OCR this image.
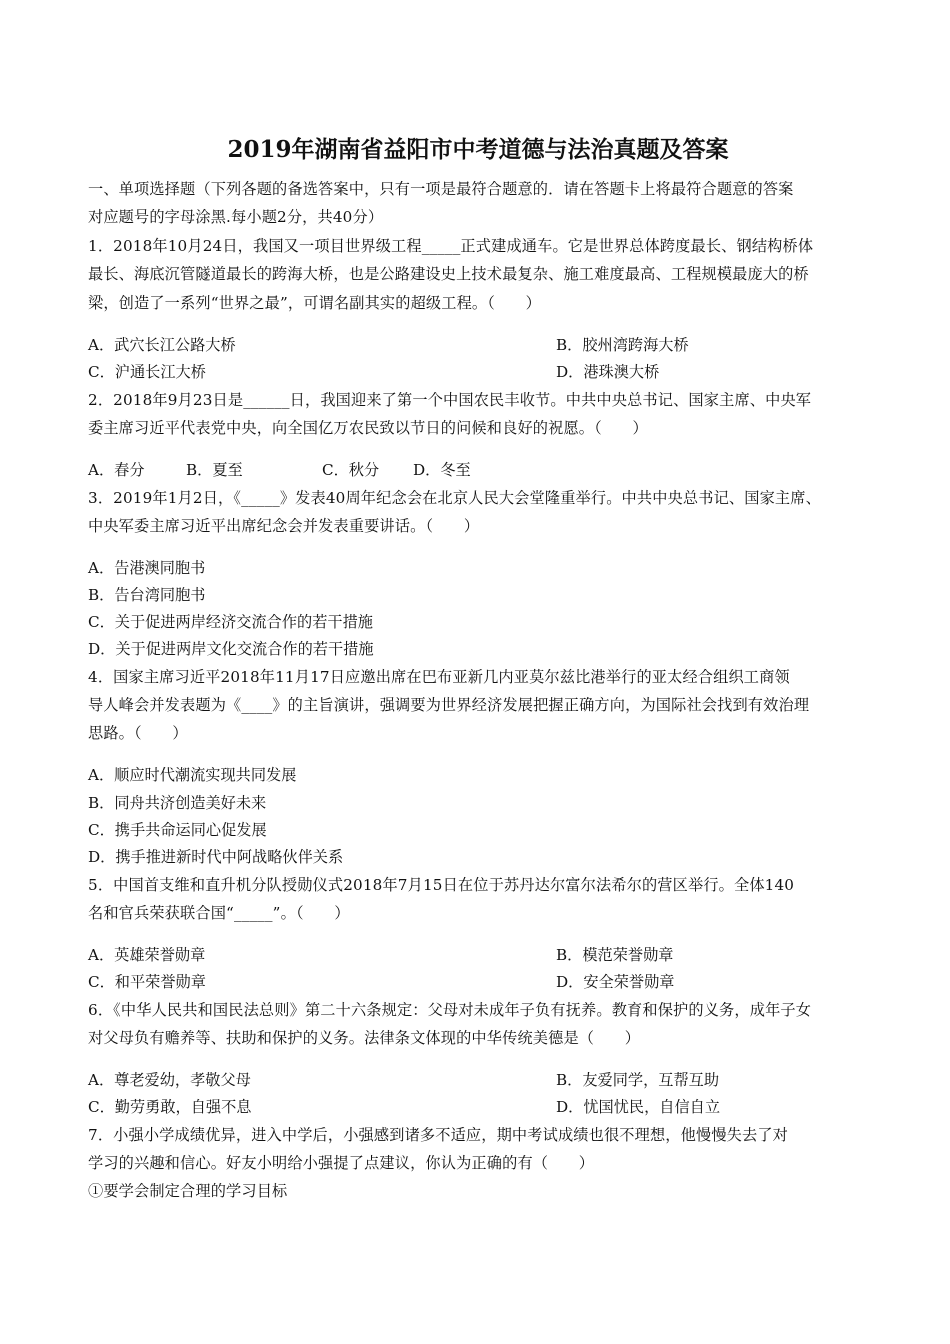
2019年湖南省益阳市中考道德与法治真题及答案
一、单项选择题（下列各题的备选答案中，只有一项是最符合题意的．请在答题卡上将最符合题意的答案
对应题号的字母涂黑.每小题2分，共40分）
1．2018年10月24日，我国又一项目世界级工程_____正式建成通车。它是世界总体跨度最长、钢结构桥体
最长、海底沉管隧道最长的跨海大桥，也是公路建设史上技术最复杂、施工难度最高、工程规模最庞大的桥
梁，创造了一系列“世界之最”，可谓名副其实的超级工程。（　　）
A．武穴长江公路大桥	B．胶州湾跨海大桥
C．沪通长江大桥	D．港珠澳大桥
2．2018年9月23日是______日，我国迎来了第一个中国农民丰收节。中共中央总书记、国家主席、中央军
委主席习近平代表党中央，向全国亿万农民致以节日的问候和良好的祝愿。（　　）
A．春分	B．夏至	C．秋分 D．冬至
3．2019年1月2日，《_____》发表40周年纪念会在北京人民大会堂隆重举行。中共中央总书记、国家主席、
中央军委主席习近平出席纪念会并发表重要讲话。（　　）
A．告港澳同胞书
B．告台湾同胞书
C．关于促进两岸经济交流合作的若干措施
D．关于促进两岸文化交流合作的若干措施
4．国家主席习近平2018年11月17日应邀出席在巴布亚新几内亚莫尔兹比港举行的亚太经合组织工商领
导人峰会并发表题为《____》的主旨演讲，强调要为世界经济发展把握正确方向，为国际社会找到有效治理
思路。（　　）
A．顺应时代潮流实现共同发展
B．同舟共济创造美好未来
C．携手共命运同心促发展
D．携手推进新时代中阿战略伙伴关系
5．中国首支维和直升机分队授勋仪式2018年7月15日在位于苏丹达尔富尔法希尔的营区举行。全体140
名和官兵荣获联合国“_____”。（　　）
A．英雄荣誉勋章	B．模范荣誉勋章
C．和平荣誉勋章	D．安全荣誉勋章
6．《中华人民共和国民法总则》第二十六条规定：父母对未成年子负有抚养。教育和保护的义务，成年子女
对父母负有赡养等、扶助和保护的义务。法律条文体现的中华传统美德是（　　）
A．尊老爱幼，孝敬父母	B．友爱同学，互帮互助
C．勤劳勇敢，自强不息	D．忧国忧民，自信自立
7．小强小学成绩优异，进入中学后，小强感到诸多不适应，期中考试成绩也很不理想，他慢慢失去了对
学习的兴趣和信心。好友小明给小强提了点建议，你认为正确的有（　　）
①要学会制定合理的学习目标
